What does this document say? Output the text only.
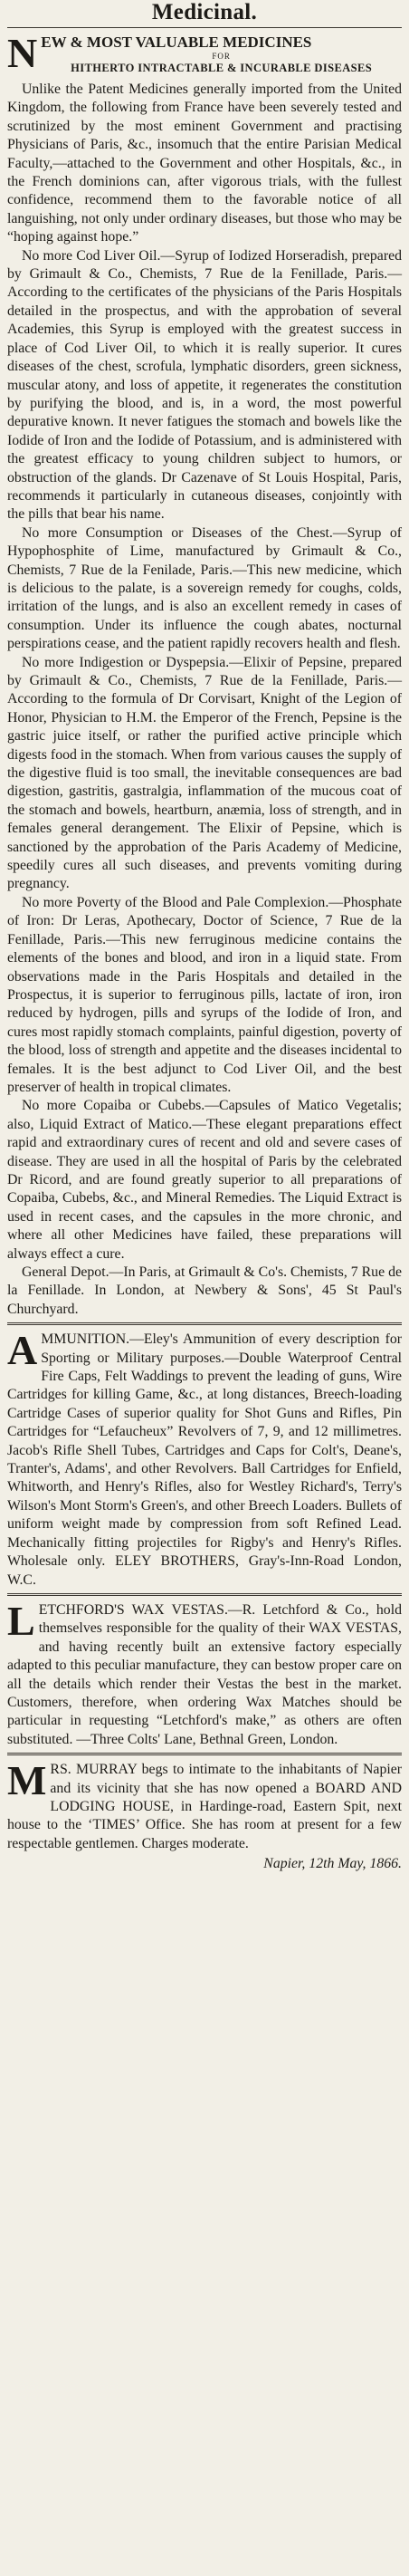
Medicinal.
NEW & MOST VALUABLE MEDICINES
FOR
HITHERTO INTRACTABLE & INCURABLE DISEASES

Unlike the Patent Medicines generally imported from the United Kingdom, the following from France have been severely tested and scrutinized by the most eminent Government and practising Physicians of Paris, &c., insomuch that the entire Parisian Medical Faculty,—attached to the Government and other Hospitals, &c., in the French dominions can, after vigorous trials, with the fullest confidence, recommend them to the favorable notice of all languishing, not only under ordinary diseases, but those who may be “hoping against hope.”

No more Cod Liver Oil.—Syrup of Iodized Horseradish, prepared by Grimault & Co., Chemists, 7 Rue de la Fenillade, Paris.—According to the certificates of the physicians of the Paris Hospitals detailed in the prospectus, and with the approbation of several Academies, this Syrup is employed with the greatest success in place of Cod Liver Oil, to which it is really superior. It cures diseases of the chest, scrofula, lymphatic disorders, green sickness, muscular atony, and loss of appetite, it regenerates the constitution by purifying the blood, and is, in a word, the most powerful depurative known. It never fatigues the stomach and bowels like the Iodide of Iron and the Iodide of Potassium, and is administered with the greatest efficacy to young children subject to humors, or obstruction of the glands. Dr Cazenave of St Louis Hospital, Paris, recommends it particularly in cutaneous diseases, conjointly with the pills that bear his name.

No more Consumption or Diseases of the Chest.—Syrup of Hypophosphite of Lime, manufactured by Grimault & Co., Chemists, 7 Rue de la Fenilade, Paris.—This new medicine, which is delicious to the palate, is a sovereign remedy for coughs, colds, irritation of the lungs, and is also an excellent remedy in cases of consumption. Under its influence the cough abates, nocturnal perspirations cease, and the patient rapidly recovers health and flesh.

No more Indigestion or Dyspepsia.—Elixir of Pepsine, prepared by Grimault & Co., Chemists, 7 Rue de la Fenillade, Paris.—According to the formula of Dr Corvisart, Knight of the Legion of Honor, Physician to H.M. the Emperor of the French, Pepsine is the gastric juice itself, or rather the purified active principle which digests food in the stomach. When from various causes the supply of the digestive fluid is too small, the inevitable consequences are bad digestion, gastritis, gastralgia, inflammation of the mucous coat of the stomach and bowels, heartburn, anæmia, loss of strength, and in females general derangement. The Elixir of Pepsine, which is sanctioned by the approbation of the Paris Academy of Medicine, speedily cures all such diseases, and prevents vomiting during pregnancy.

No more Poverty of the Blood and Pale Complexion.—Phosphate of Iron: Dr Leras, Apothecary, Doctor of Science, 7 Rue de la Fenillade, Paris.—This new ferruginous medicine contains the elements of the bones and blood, and iron in a liquid state. From observations made in the Paris Hospitals and detailed in the Prospectus, it is superior to ferruginous pills, lactate of iron, iron reduced by hydrogen, pills and syrups of the Iodide of Iron, and cures most rapidly stomach complaints, painful digestion, poverty of the blood, loss of strength and appetite and the diseases incidental to females. It is the best adjunct to Cod Liver Oil, and the best preserver of health in tropical climates.

No more Copaiba or Cubebs.—Capsules of Matico Vegetalis; also, Liquid Extract of Matico.—These elegant preparations effect rapid and extraordinary cures of recent and old and severe cases of disease. They are used in all the hospital of Paris by the celebrated Dr Ricord, and are found greatly superior to all preparations of Copaiba, Cubebs, &c., and Mineral Remedies. The Liquid Extract is used in recent cases, and the capsules in the more chronic, and where all other Medicines have failed, these preparations will always effect a cure.

General Depot.—In Paris, at Grimault & Co's. Chemists, 7 Rue de la Fenillade. In London, at Newbery & Sons', 45 St Paul's Churchyard.

AMMUNITION.—Eley's Ammunition of every description for Sporting or Military purposes.—Double Waterproof Central Fire Caps, Felt Waddings to prevent the leading of guns, Wire Cartridges for killing Game, &c., at long distances, Breech-loading Cartridge Cases of superior quality for Shot Guns and Rifles, Pin Cartridges for “Lefaucheux” Revolvers of 7, 9, and 12 millimetres. Jacob's Rifle Shell Tubes, Cartridges and Caps for Colt's, Deane's, Tranter's, Adams', and other Revolvers. Ball Cartridges for Enfield, Whitworth, and Henry's Rifles, also for Westley Richard's, Terry's Wilson's Mont Storm's Green's, and other Breech Loaders. Bullets of uniform weight made by compression from soft Refined Lead. Mechanically fitting projectiles for Rigby's and Henry's Rifles. Wholesale only. ELEY BROTHERS, Gray's-Inn-Road London, W.C.

LETCHFORD'S WAX VESTAS.—R. Letchford & Co., hold themselves responsible for the quality of their WAX VESTAS, and having recently built an extensive factory especially adapted to this peculiar manufacture, they can bestow proper care on all the details which render their Vestas the best in the market. Customers, therefore, when ordering Wax Matches should be particular in requesting “Letchford's make,” as others are often substituted. —Three Colts' Lane, Bethnal Green, London.

MRS. MURRAY begs to intimate to the inhabitants of Napier and its vicinity that she has now opened a BOARD AND LODGING HOUSE, in Hardinge-road, Eastern Spit, next house to the ‘TIMES’ Office. She has room at present for a few respectable gentlemen. Charges moderate.

Napier, 12th May, 1866.
